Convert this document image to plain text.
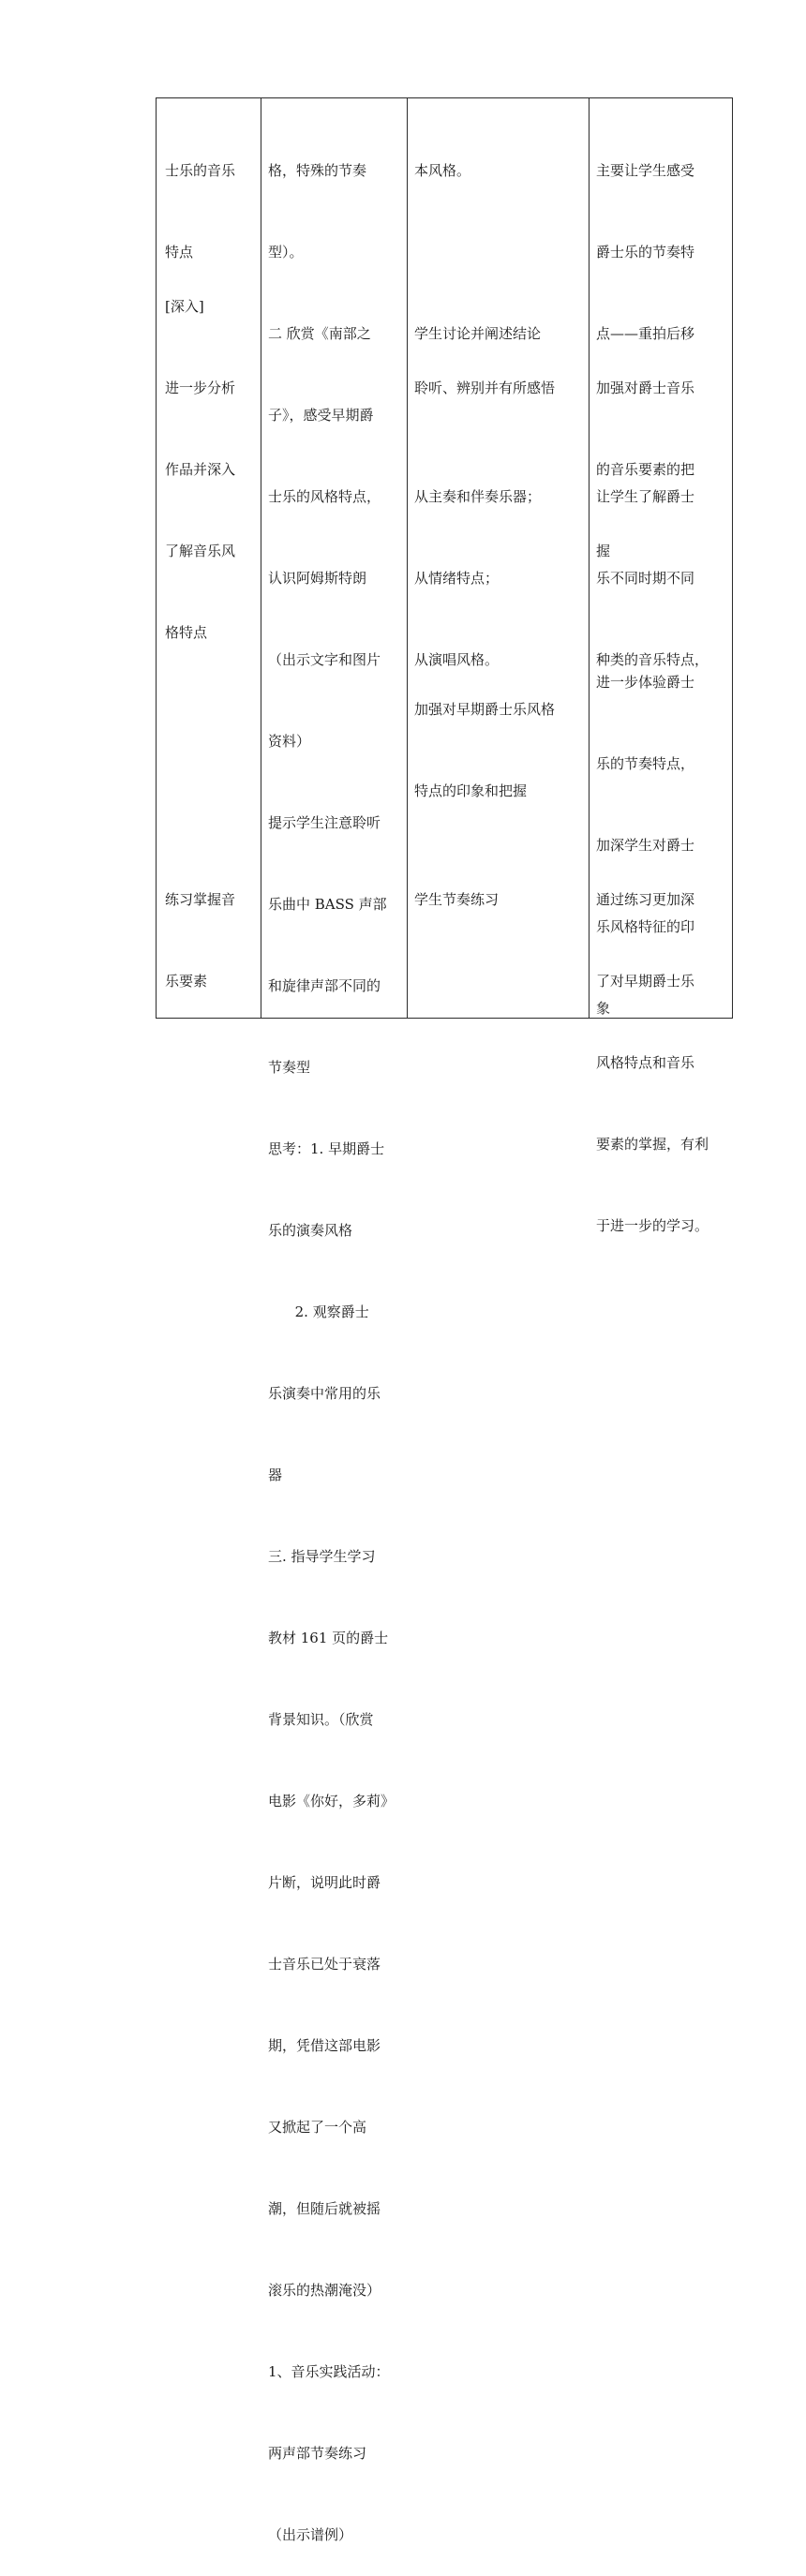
士乐的音乐

特点

[深入]

进一步分析

作品并深入

了解音乐风

格特点

练习掌握音

乐要素

格，特殊的节奏

型）。

二 欣赏《南部之

子》，感受早期爵

士乐的风格特点，

认识阿姆斯特朗

（出示文字和图片

资料）

提示学生注意聆听

乐曲中 BASS 声部

和旋律声部不同的

节奏型

思考：1. 早期爵士

乐的演奏风格

2. 观察爵士

乐演奏中常用的乐

器

三. 指导学生学习

教材 161 页的爵士

背景知识。（欣赏

电影《你好，多莉》

片断，说明此时爵

士音乐已处于衰落

期，凭借这部电影

又掀起了一个高

潮，但随后就被摇

滚乐的热潮淹没）

1、音乐实践活动：

两声部节奏练习

（出示谱例）

本风格。

学生讨论并阐述结论

聆听、辨别并有所感悟

从主奏和伴奏乐器；

从情绪特点；

从演唱风格。

加强对早期爵士乐风格

特点的印象和把握

学生节奏练习

主要让学生感受

爵士乐的节奏特

点——重拍后移

加强对爵士音乐

的音乐要素的把

握

让学生了解爵士

乐不同时期不同

种类的音乐特点，

进一步体验爵士

乐的节奏特点，

加深学生对爵士

乐风格特征的印

象

通过练习更加深

了对早期爵士乐

风格特点和音乐

要素的掌握，有利

于进一步的学习。
